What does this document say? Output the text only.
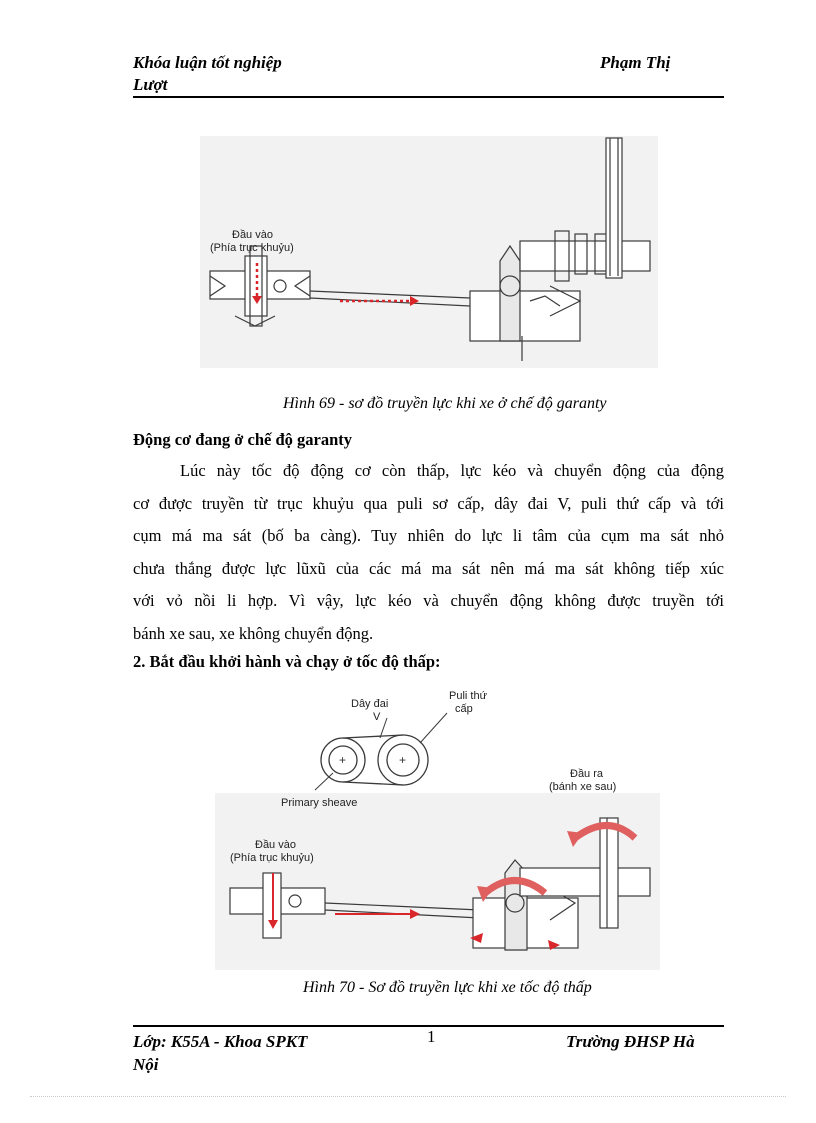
Khóa luận tốt nghiệp	Phạm Thị
Lượt
Đầu vào
(Phía trục khuỷu)
Hình 69 - sơ đồ truyền lực khi xe ở chế độ garanty
Động cơ đang ở chế độ garanty
Lúc này tốc độ động cơ còn thấp, lực kéo và chuyển động của động
cơ được truyền từ trục khuỷu qua puli sơ cấp, dây đai V, puli thứ cấp và tới
cụm má ma sát (bố ba càng). Tuy nhiên do lực li tâm của cụm ma sát nhỏ
chưa thắng được lực lũxũ của các má ma sát nên má ma sát không tiếp xúc
với vỏ nồi li hợp. Vì vậy, lực kéo và chuyển động không được truyền tới
bánh xe sau, xe không chuyển động.
2. Bắt đầu khởi hành và chạy ở tốc độ thấp:
+	+
Dây đai
V
Puli thứ
cấp
Primary sheave
Đầu ra
(bánh xe sau)
Đầu vào
(Phía trục khuỷu)
Hình 70 - Sơ đồ truyền lực khi xe tốc độ thấp
Lớp: K55A - Khoa SPKT	1	Trường ĐHSP Hà
Nội
